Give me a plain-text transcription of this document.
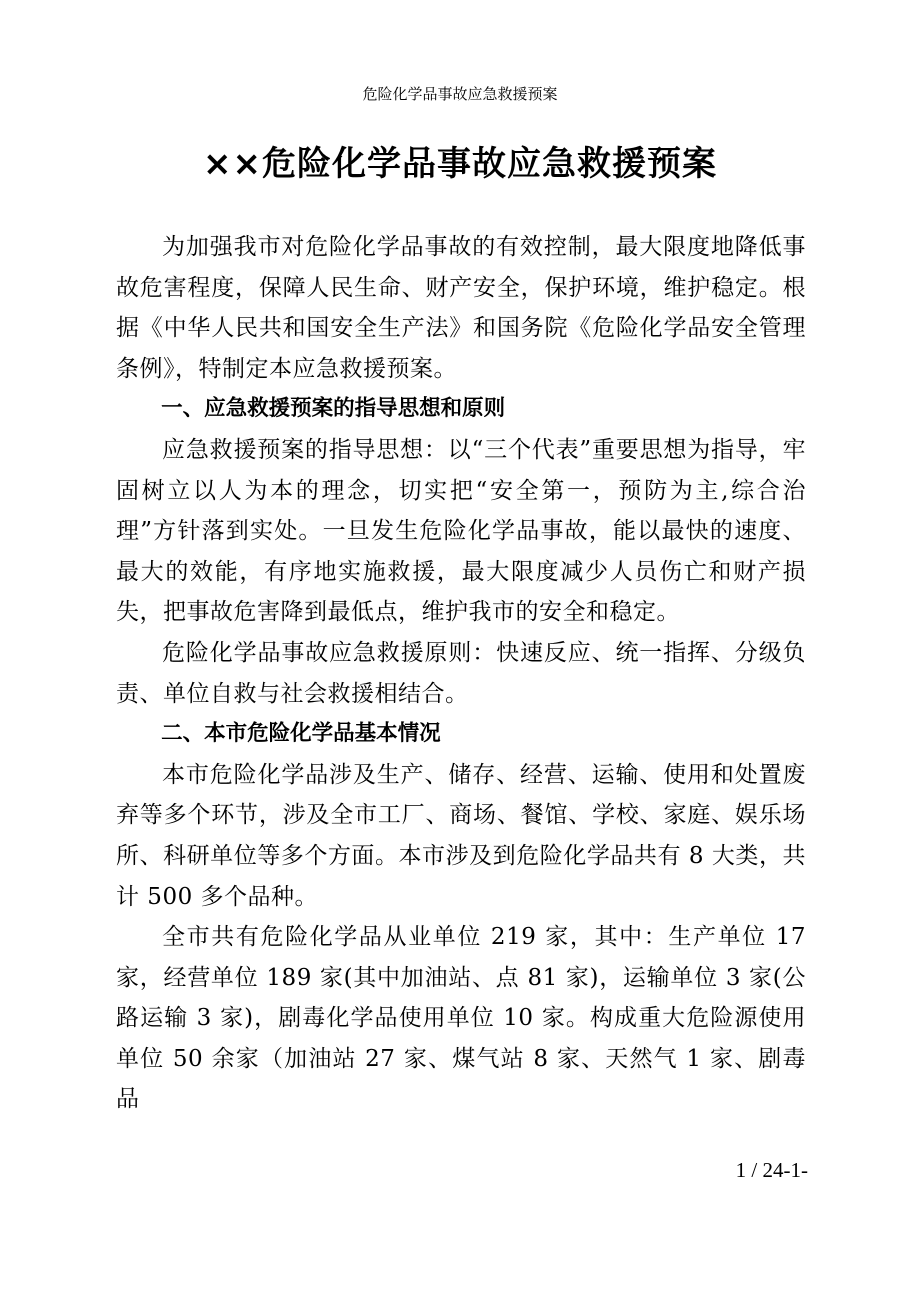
危险化学品事故应急救援预案
××危险化学品事故应急救援预案

为加强我市对危险化学品事故的有效控制，最大限度地降低事故危害程度，保障人民生命、财产安全，保护环境，维护稳定。根据《中华人民共和国安全生产法》和国务院《危险化学品安全管理条例》，特制定本应急救援预案。

一、应急救援预案的指导思想和原则

应急救援预案的指导思想：以“三个代表”重要思想为指导，牢固树立以人为本的理念，切实把“安全第一，预防为主,综合治理”方针落到实处。一旦发生危险化学品事故，能以最快的速度、最大的效能，有序地实施救援，最大限度减少人员伤亡和财产损失，把事故危害降到最低点，维护我市的安全和稳定。

危险化学品事故应急救援原则：快速反应、统一指挥、分级负责、单位自救与社会救援相结合。

二、本市危险化学品基本情况

本市危险化学品涉及生产、储存、经营、运输、使用和处置废弃等多个环节，涉及全市工厂、商场、餐馆、学校、家庭、娱乐场所、科研单位等多个方面。本市涉及到危险化学品共有 8 大类，共计 500 多个品种。

全市共有危险化学品从业单位 219 家，其中：生产单位 17 家，经营单位 189 家(其中加油站、点 81 家)，运输单位 3 家(公路运输 3 家)，剧毒化学品使用单位 10 家。构成重大危险源使用单位 50 余家（加油站 27 家、煤气站 8 家、天然气 1 家、剧毒品

1 / 24-1-
